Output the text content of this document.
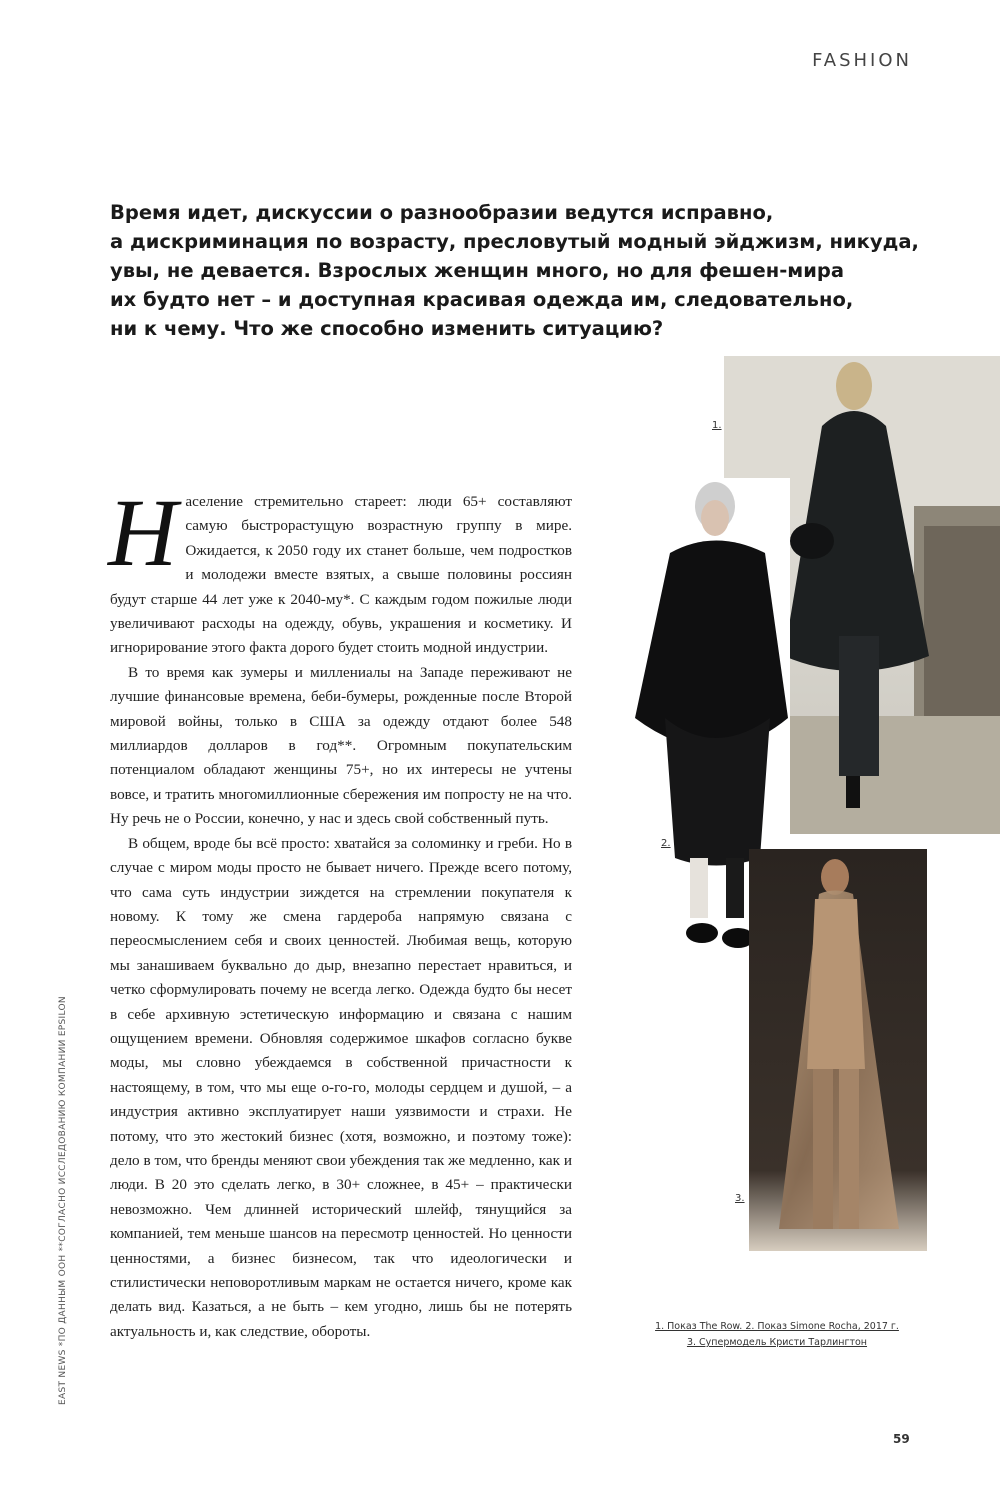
FASHION
Время идет, дискуссии о разнообразии ведутся исправно,
а дискриминация по возрасту, пресловутый модный эйджизм, никуда,
увы, не девается. Взрослых женщин много, но для фешен-мира
их будто нет – и доступная красивая одежда им, следовательно,
ни к чему. Что же способно изменить ситуацию?

Население стремительно стареет: люди 65+ составляют самую быстрорастущую возрастную группу в мире. Ожидается, к 2050 году их станет больше, чем подростков и молодежи вместе взятых, а свыше половины россиян будут старше 44 лет уже к 2040-му*. С каждым годом пожилые люди увеличивают расходы на одежду, обувь, украшения и косметику. И игнорирование этого факта дорого будет стоить модной индустрии.

В то время как зумеры и миллениалы на Западе переживают не лучшие финансовые времена, беби-бумеры, рожденные после Второй мировой войны, только в США за одежду отдают более 548 миллиардов долларов в год**. Огромным покупательским потенциалом обладают женщины 75+, но их интересы не учтены вовсе, и тратить многомиллионные сбережения им попросту не на что. Ну речь не о России, конечно, у нас и здесь свой собственный путь.

В общем, вроде бы всё просто: хватайся за соломинку и греби. Но в случае с миром моды просто не бывает ничего. Прежде всего потому, что сама суть индустрии зиждется на стремлении покупателя к новому. К тому же смена гардероба напрямую связана с переосмыслением себя и своих ценностей. Любимая вещь, которую мы занашиваем буквально до дыр, внезапно перестает нравиться, и четко сформулировать почему не всегда легко. Одежда будто бы несет в себе архивную эстетическую информацию и связана с нашим ощущением времени. Обновляя содержимое шкафов согласно букве моды, мы словно убеждаемся в собственной причастности к настоящему, в том, что мы еще о-го-го, молоды сердцем и душой, – а индустрия активно эксплуатирует наши уязвимости и страхи. Не потому, что это жестокий бизнес (хотя, возможно, и поэтому тоже): дело в том, что бренды меняют свои убеждения так же медленно, как и люди. В 20 это сделать легко, в 30+ сложнее, в 45+ – практически невозможно. Чем длинней исторический шлейф, тянущийся за компанией, тем меньше шансов на пересмотр ценностей. Но ценности ценностями, а бизнес бизнесом, так что идеологически и стилистически неповоротливым маркам не остается ничего, кроме как делать вид. Казаться, а не быть – кем угодно, лишь бы не потерять актуальность и, как следствие, обороты.

1.
2.
3.
1. Показ The Row. 2. Показ Simone Rocha, 2017 г.
3. Супермодель Кристи Тарлингтон
EAST NEWS *ПО ДАННЫМ ООН **СОГЛАСНО ИССЛЕДОВАНИЮ КОМПАНИИ EPSILON
59
